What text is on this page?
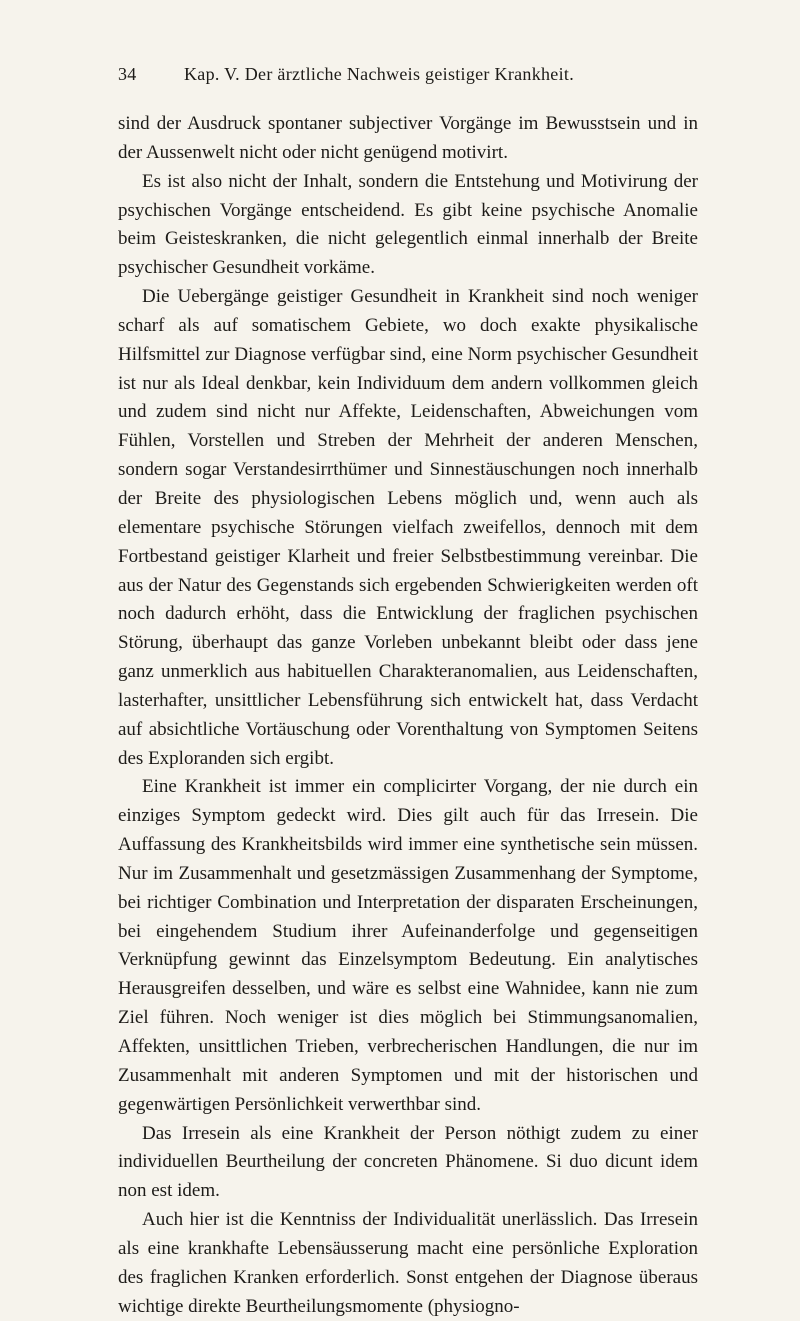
34	Kap. V. Der ärztliche Nachweis geistiger Krankheit.

sind der Ausdruck spontaner subjectiver Vorgänge im Bewusstsein und in der Aussenwelt nicht oder nicht genügend motivirt.

Es ist also nicht der Inhalt, sondern die Entstehung und Motivirung der psychischen Vorgänge entscheidend. Es gibt keine psychische Anomalie beim Geisteskranken, die nicht gelegentlich einmal innerhalb der Breite psychischer Gesundheit vorkäme.

Die Uebergänge geistiger Gesundheit in Krankheit sind noch weniger scharf als auf somatischem Gebiete, wo doch exakte physikalische Hilfsmittel zur Diagnose verfügbar sind, eine Norm psychischer Gesundheit ist nur als Ideal denkbar, kein Individuum dem andern vollkommen gleich und zudem sind nicht nur Affekte, Leidenschaften, Abweichungen vom Fühlen, Vorstellen und Streben der Mehrheit der anderen Menschen, sondern sogar Verstandesirrthümer und Sinnestäuschungen noch innerhalb der Breite des physiologischen Lebens möglich und, wenn auch als elementare psychische Störungen vielfach zweifellos, dennoch mit dem Fortbestand geistiger Klarheit und freier Selbstbestimmung vereinbar. Die aus der Natur des Gegenstands sich ergebenden Schwierigkeiten werden oft noch dadurch erhöht, dass die Entwicklung der fraglichen psychischen Störung, überhaupt das ganze Vorleben unbekannt bleibt oder dass jene ganz unmerklich aus habituellen Charakteranomalien, aus Leidenschaften, lasterhafter, unsittlicher Lebensführung sich entwickelt hat, dass Verdacht auf absichtliche Vortäuschung oder Vorenthaltung von Symptomen Seitens des Exploranden sich ergibt.

Eine Krankheit ist immer ein complicirter Vorgang, der nie durch ein einziges Symptom gedeckt wird. Dies gilt auch für das Irresein. Die Auffassung des Krankheitsbilds wird immer eine synthetische sein müssen. Nur im Zusammenhalt und gesetzmässigen Zusammenhang der Symptome, bei richtiger Combination und Interpretation der disparaten Erscheinungen, bei eingehendem Studium ihrer Aufeinanderfolge und gegenseitigen Verknüpfung gewinnt das Einzelsymptom Bedeutung. Ein analytisches Herausgreifen desselben, und wäre es selbst eine Wahnidee, kann nie zum Ziel führen. Noch weniger ist dies möglich bei Stimmungsanomalien, Affekten, unsittlichen Trieben, verbrecherischen Handlungen, die nur im Zusammenhalt mit anderen Symptomen und mit der historischen und gegenwärtigen Persönlichkeit verwerthbar sind.

Das Irresein als eine Krankheit der Person nöthigt zudem zu einer individuellen Beurtheilung der concreten Phänomene. Si duo dicunt idem non est idem.

Auch hier ist die Kenntniss der Individualität unerlässlich. Das Irresein als eine krankhafte Lebensäusserung macht eine persönliche Exploration des fraglichen Kranken erforderlich. Sonst entgehen der Diagnose überaus wichtige direkte Beurtheilungsmomente (physiogno-
